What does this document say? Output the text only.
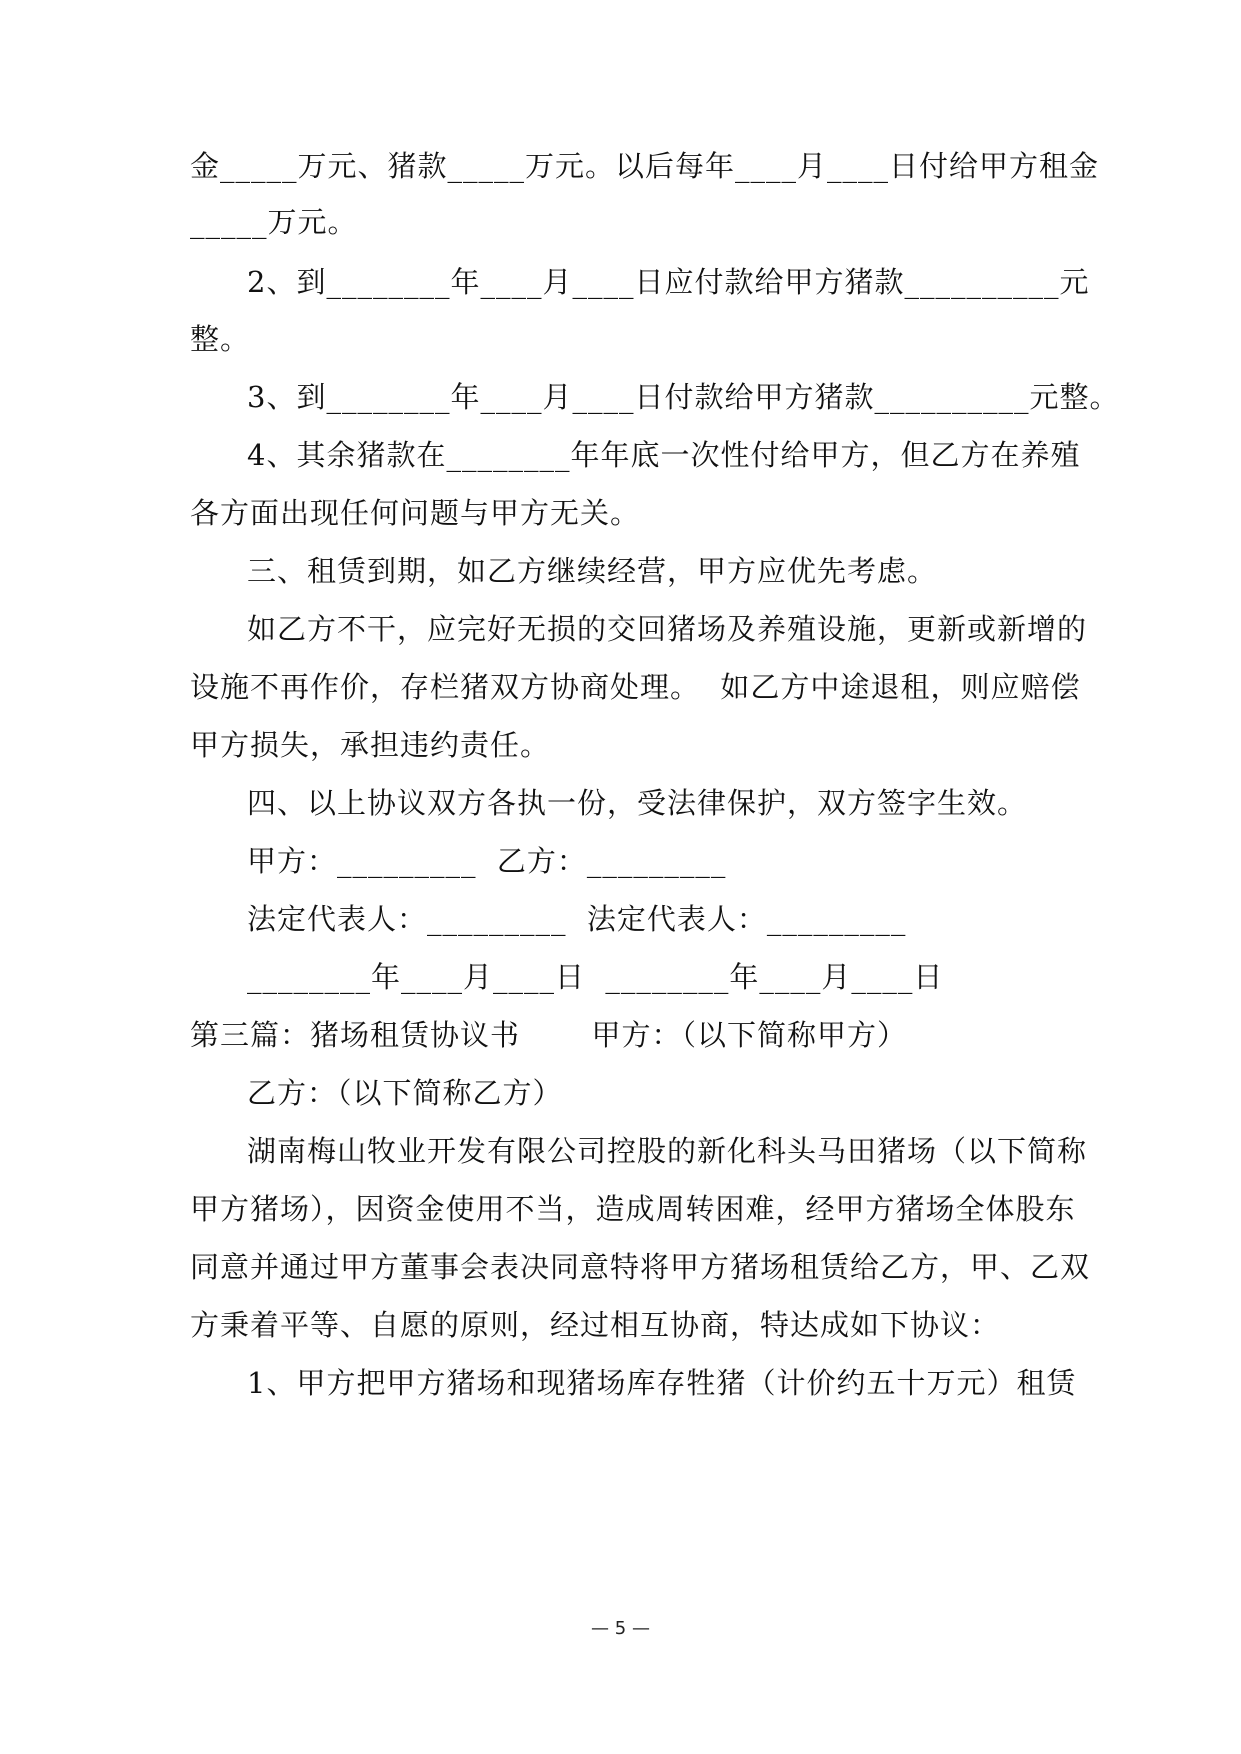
金_____万元、猪款_____万元。以后每年____月____日付给甲方租金
_____万元。
2、到________年____月____日应付款给甲方猪款__________元
整。
3、到________年____月____日付款给甲方猪款__________元整。
4、其余猪款在________年年底一次性付给甲方，但乙方在养殖
各方面出现任何问题与甲方无关。
三、租赁到期，如乙方继续经营，甲方应优先考虑。
如乙方不干，应完好无损的交回猪场及养殖设施，更新或新增的
设施不再作价，存栏猪双方协商处理。  如乙方中途退租，则应赔偿
甲方损失，承担违约责任。
四、以上协议双方各执一份，受法律保护，双方签字生效。
甲方：_________  乙方：_________
法定代表人：_________  法定代表人：_________
________年____月____日  ________年____月____日
第三篇：猪场租赁协议书       甲方：（以下简称甲方）
乙方：（以下简称乙方）
湖南梅山牧业开发有限公司控股的新化科头马田猪场（以下简称
甲方猪场），因资金使用不当，造成周转困难，经甲方猪场全体股东
同意并通过甲方董事会表决同意特将甲方猪场租赁给乙方，甲、乙双
方秉着平等、自愿的原则，经过相互协商，特达成如下协议：
1、甲方把甲方猪场和现猪场库存牲猪（计价约五十万元）租赁
— 5 —
